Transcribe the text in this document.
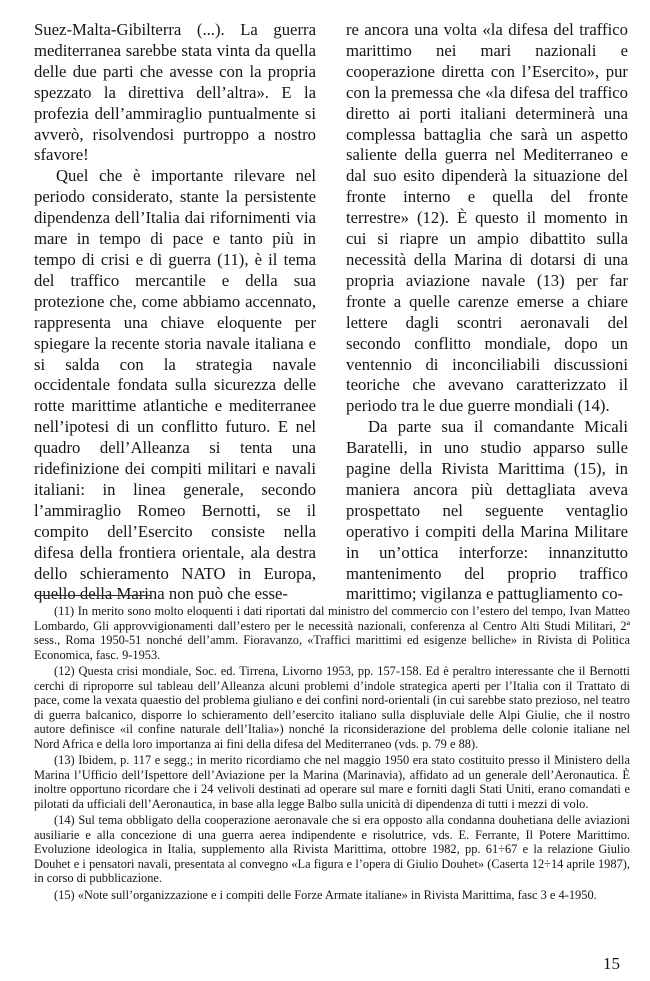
Suez-Malta-Gibilterra (...). La guerra mediterranea sarebbe stata vinta da quella delle due parti che avesse con la propria spezzato la direttiva dell’altra». E la profezia dell’ammiraglio puntualmente si avverò, risolvendosi purtroppo a nostro sfavore!

Quel che è importante rilevare nel periodo considerato, stante la persistente dipendenza dell’Italia dai rifornimenti via mare in tempo di pace e tanto più in tempo di crisi e di guerra (11), è il tema del traffico mercantile e della sua protezione che, come abbiamo accennato, rappresenta una chiave eloquente per spiegare la recente storia navale italiana e si salda con la strategia navale occidentale fondata sulla sicurezza delle rotte marittime atlantiche e mediterranee nell’ipotesi di un conflitto futuro. E nel quadro dell’Alleanza si tenta una ridefinizione dei compiti militari e navali italiani: in linea generale, secondo l’ammiraglio Romeo Bernotti, se il compito dell’Esercito consiste nella difesa della frontiera orientale, ala destra dello schieramento NATO in Europa, quello della Marina non può che esse-

re ancora una volta «la difesa del traffico marittimo nei mari nazionali e cooperazione diretta con l’Esercito», pur con la premessa che «la difesa del traffico diretto ai porti italiani determinerà una complessa battaglia che sarà un aspetto saliente della guerra nel Mediterraneo e dal suo esito dipenderà la situazione del fronte interno e quella del fronte terrestre» (12). È questo il momento in cui si riapre un ampio dibattito sulla necessità della Marina di dotarsi di una propria aviazione navale (13) per far fronte a quelle carenze emerse a chiare lettere dagli scontri aeronavali del secondo conflitto mondiale, dopo un ventennio di inconciliabili discussioni teoriche che avevano caratterizzato il periodo tra le due guerre mondiali (14).

Da parte sua il comandante Micali Baratelli, in uno studio apparso sulle pagine della Rivista Marittima (15), in maniera ancora più dettagliata aveva prospettato nel seguente ventaglio operativo i compiti della Marina Militare in un’ottica interforze: innanzitutto mantenimento del proprio traffico marittimo; vigilanza e pattugliamento co-

(11) In merito sono molto eloquenti i dati riportati dal ministro del commercio con l’estero del tempo, Ivan Matteo Lombardo, Gli approvvigionamenti dall’estero per le necessità nazionali, conferenza al Centro Alti Studi Militari, 2ª sess., Roma 1950-51 nonché dell’amm. Fioravanzo, «Traffici marittimi ed esigenze belliche» in Rivista di Politica Economica, fasc. 9-1953.

(12) Questa crisi mondiale, Soc. ed. Tirrena, Livorno 1953, pp. 157-158. Ed è peraltro interessante che il Bernotti cerchi di riproporre sul tableau dell’Alleanza alcuni problemi d’indole strategica aperti per l’Italia con il Trattato di pace, come la vexata quaestio del problema giuliano e dei confini nord-orientali (in cui sarebbe stato prezioso, nel teatro di guerra balcanico, disporre lo schieramento dell’esercito italiano sulla displuviale delle Alpi Giulie, che il nostro autore definisce «il confine naturale dell’Italia») nonché la riconsiderazione del problema delle colonie italiane nel Nord Africa e della loro importanza ai fini della difesa del Mediterraneo (vds. p. 79 e 88).

(13) Ibidem, p. 117 e segg.; in merito ricordiamo che nel maggio 1950 era stato costituito presso il Ministero della Marina l’Ufficio dell’Ispettore dell’Aviazione per la Marina (Marinavia), affidato ad un generale dell’Aeronautica. È inoltre opportuno ricordare che i 24 velivoli destinati ad operare sul mare e forniti dagli Stati Uniti, erano comandati e pilotati da ufficiali dell’Aeronautica, in base alla legge Balbo sulla unicità di dipendenza di tutti i mezzi di volo.

(14) Sul tema obbligato della cooperazione aeronavale che si era opposto alla condanna douhetiana delle aviazioni ausiliarie e alla concezione di una guerra aerea indipendente e risolutrice, vds. E. Ferrante, Il Potere Marittimo. Evoluzione ideologica in Italia, supplemento alla Rivista Marittima, ottobre 1982, pp. 61÷67 e la relazione Giulio Douhet e i pensatori navali, presentata al convegno «La figura e l’opera di Giulio Douhet» (Caserta 12÷14 aprile 1987), in corso di pubblicazione.

(15) «Note sull’organizzazione e i compiti delle Forze Armate italiane» in Rivista Marittima, fasc 3 e 4-1950.

15
